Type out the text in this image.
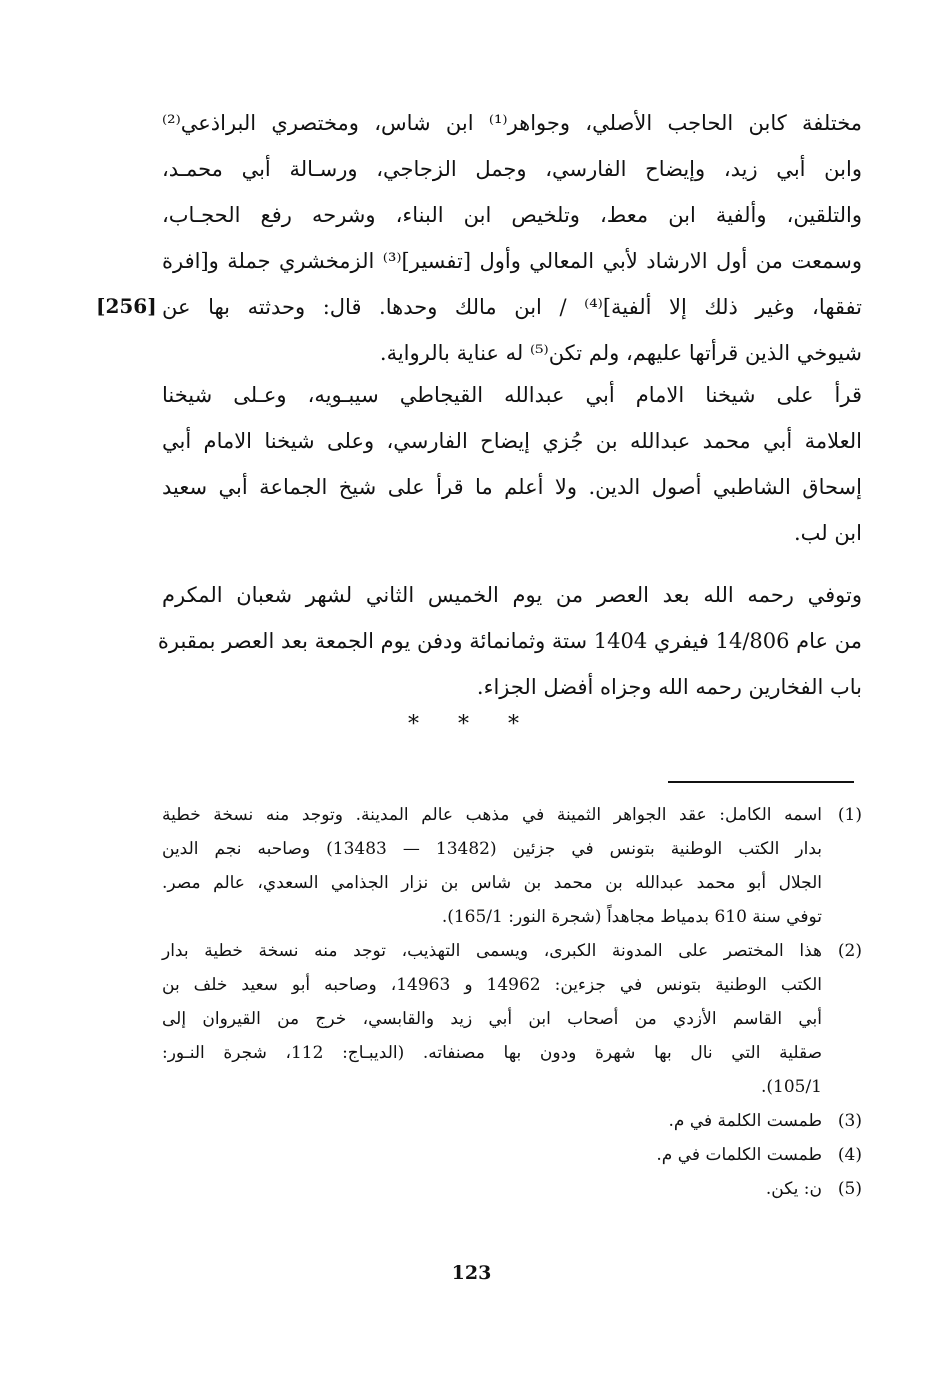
مختلفة كابن الحاجب الأصلي، وجواهر⁽¹⁾ ابن شاس، ومختصري البراذعي⁽²⁾
وابن أبي زيد، وإيضاح الفارسي، وجمل الزجاجي، ورسـالة أبي محمـد،
والتلقين، وألفية ابن معط، وتلخيص ابن البناء، وشرحه رفع الحجـاب،
وسمعت من أول الارشاد لأبي المعالي وأول [تفسير]⁽³⁾ الزمخشري جملة و[افرة
تفقها، وغير ذلك إلا ألفية]⁽⁴⁾ / ابن مالك وحدها. قال: وحدثته بها عن
شيوخي الذين قرأتها عليهم، ولم تكن⁽⁵⁾ له عناية بالرواية.
[256]
قرأ على شيخنا الامام أبي عبدالله القيجاطي سيبـويه، وعـلى شيخنا
العلامة أبي محمد عبدالله بن جُزي إيضاح الفارسي، وعلى شيخنا الامام أبي
إسحاق الشاطبي أصول الدين. ولا أعلم ما قرأ على شيخ الجماعة أبي سعيد
ابن لب.
وتوفي رحمه الله بعد العصر من يوم الخميس الثاني لشهر شعبان المكرم
من عام 14/806 فيفري 1404 ستة وثمانمائة ودفن يوم الجمعة بعد العصر بمقبرة
باب الفخارين رحمه الله وجزاه أفضل الجزاء.
* * *
(1)
اسمه الكامل: عقد الجواهر الثمينة في مذهب عالم المدينة. وتوجد منه نسخة خطية
بدار الكتب الوطنية بتونس في جزئين (13482 — 13483) وصاحبه نجم الدين
الجلال أبو محمد عبدالله بن محمد بن شاس بن نزار الجذامي السعدي، عالم مصر.
توفي سنة 610 بدمياط مجاهداً (شجرة النور: 165/1).
(2)
هذا المختصر على المدونة الكبرى، ويسمى التهذيب، توجد منه نسخة خطية بدار
الكتب الوطنية بتونس في جزءين: 14962 و 14963، وصاحبه أبو سعيد خلف بن
أبي القاسم الأزدي من أصحاب ابن أبي زيد والقابسي، خرج من القيروان إلى
صقلية التي نال بها شهرة ودون بها مصنفاته. (الديبـاج: 112، شجرة النـور:
105/1).
(3)
طمست الكلمة في م.
(4)
طمست الكلمات في م.
(5)
ن: يكن.
123
